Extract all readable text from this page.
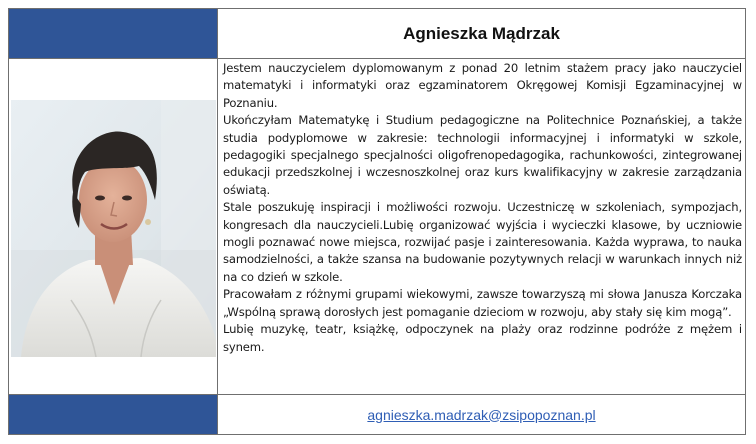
Agnieszka Mądrzak

Jestem nauczycielem dyplomowanym z ponad 20 letnim stażem pracy jako nauczyciel matematyki i informatyki oraz egzaminatorem Okręgowej Komisji Egzaminacyjnej w Poznaniu.

Ukończyłam Matematykę i Studium pedagogiczne na Politechnice Poznańskiej, a także studia podyplomowe w zakresie: technologii informacyjnej i informatyki w szkole, pedagogiki specjalnego specjalności oligofrenopedagogika, rachunkowości, zintegrowanej edukacji przedszkolnej i wczesnoszkolnej oraz kurs kwalifikacyjny w zakresie zarządzania oświatą.

Stale poszukuję inspiracji i możliwości rozwoju. Uczestniczę w szkoleniach, sympozjach, kongresach dla nauczycieli.Lubię organizować wyjścia i wycieczki klasowe, by uczniowie mogli poznawać nowe miejsca, rozwijać pasje i zainteresowania. Każda wyprawa, to nauka samodzielności, a także szansa na budowanie pozytywnych relacji w warunkach innych niż na co dzień w szkole.

Pracowałam z różnymi grupami wiekowymi, zawsze towarzyszą mi słowa Janusza Korczaka „Wspólną sprawą dorosłych jest pomaganie dzieciom w rozwoju, aby stały się kim mogą”.

Lubię muzykę, teatr, książkę, odpoczynek na plaży oraz rodzinne podróże z mężem i synem.

agnieszka.madrzak@zsipopoznan.pl
